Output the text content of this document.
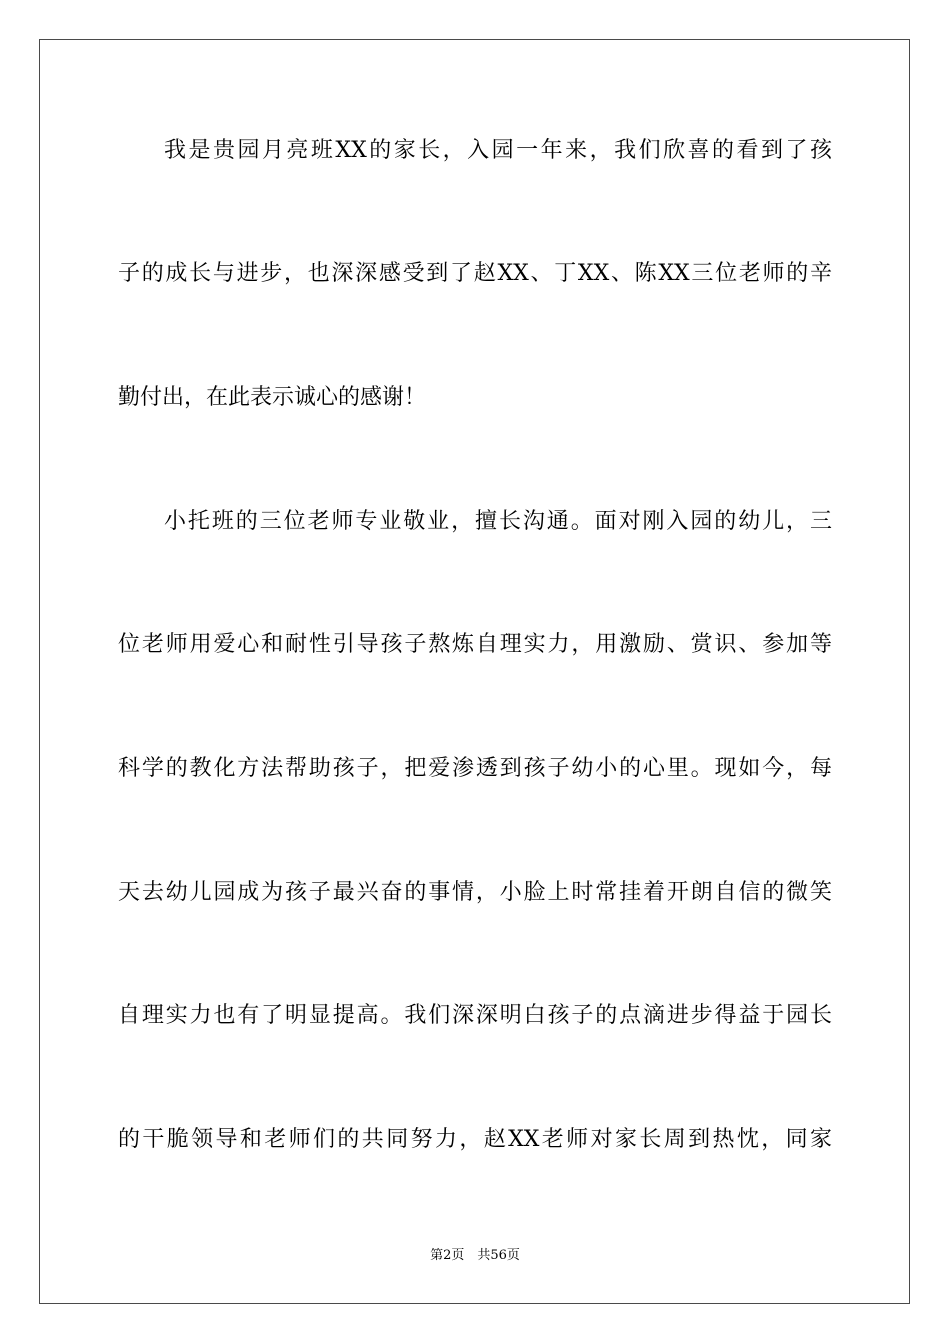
我是贵园月亮班XX的家长，入园一年来，我们欣喜的看到了孩
子的成长与进步，也深深感受到了赵XX、丁XX、陈XX三位老师的辛
勤付出，在此表示诚心的感谢！
小托班的三位老师专业敬业，擅长沟通。面对刚入园的幼儿，三
位老师用爱心和耐性引导孩子熬炼自理实力，用激励、赏识、参加等
科学的教化方法帮助孩子，把爱渗透到孩子幼小的心里。现如今，每
天去幼儿园成为孩子最兴奋的事情，小脸上时常挂着开朗自信的微笑
自理实力也有了明显提高。我们深深明白孩子的点滴进步得益于园长
的干脆领导和老师们的共同努力，赵XX老师对家长周到热忱，同家
第2页　共56页
